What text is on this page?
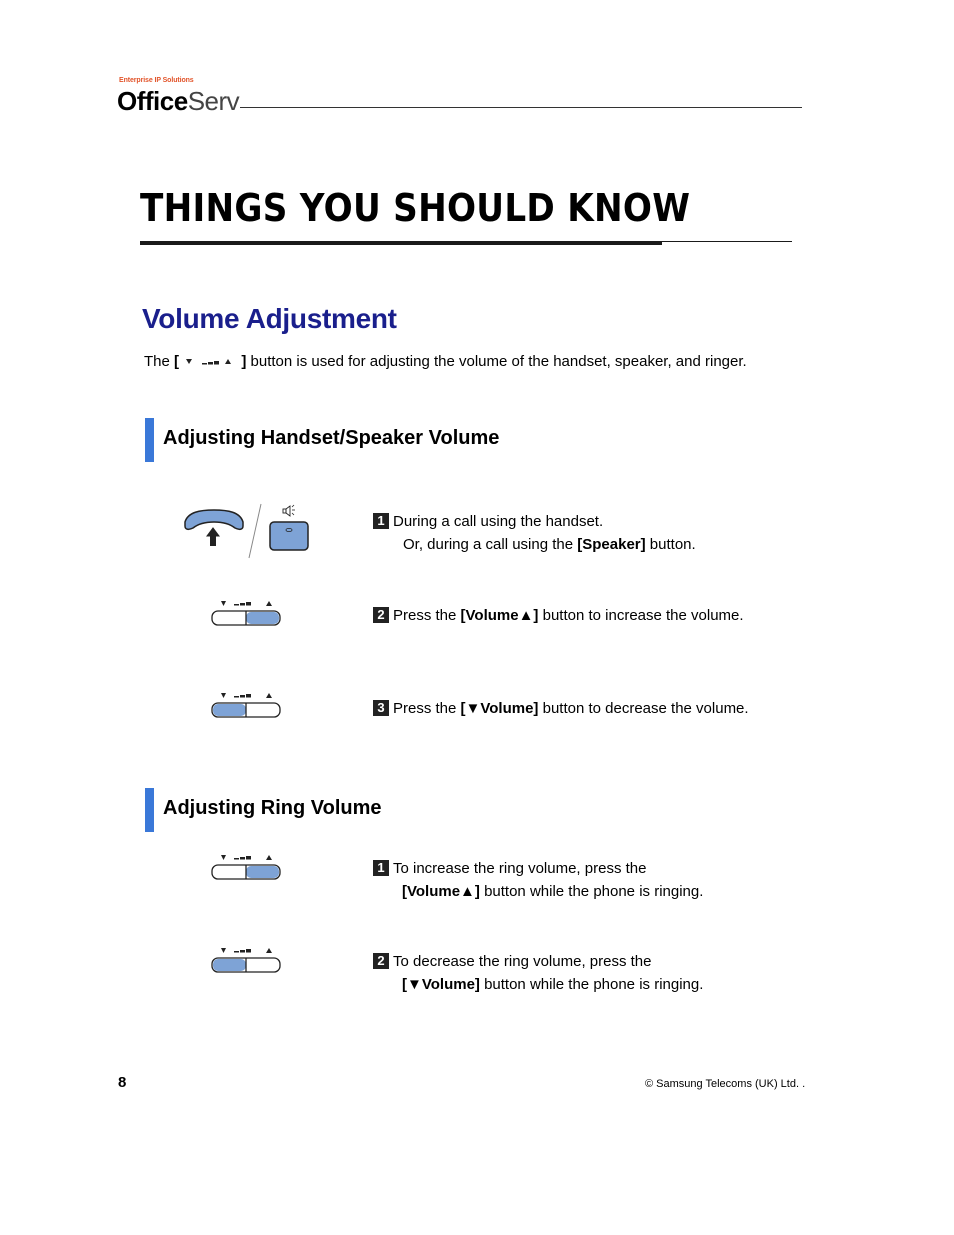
Enterprise IP Solutions
OfficeServ
THINGS YOU SHOULD KNOW
Volume Adjustment
The [	] button is used for adjusting the volume of the handset, speaker, and ringer.
Adjusting Handset/Speaker Volume
1 During a call using the handset.
Or, during a call using the [Speaker] button.
2 Press the [Volume▲] button to increase the volume.
3 Press the [▼Volume] button to decrease the volume.
Adjusting Ring Volume
1 To increase the ring volume, press the
[Volume▲] button while the phone is ringing.
2 To decrease the ring volume, press the
[▼Volume] button while the phone is ringing.
8	© Samsung Telecoms (UK) Ltd. .
